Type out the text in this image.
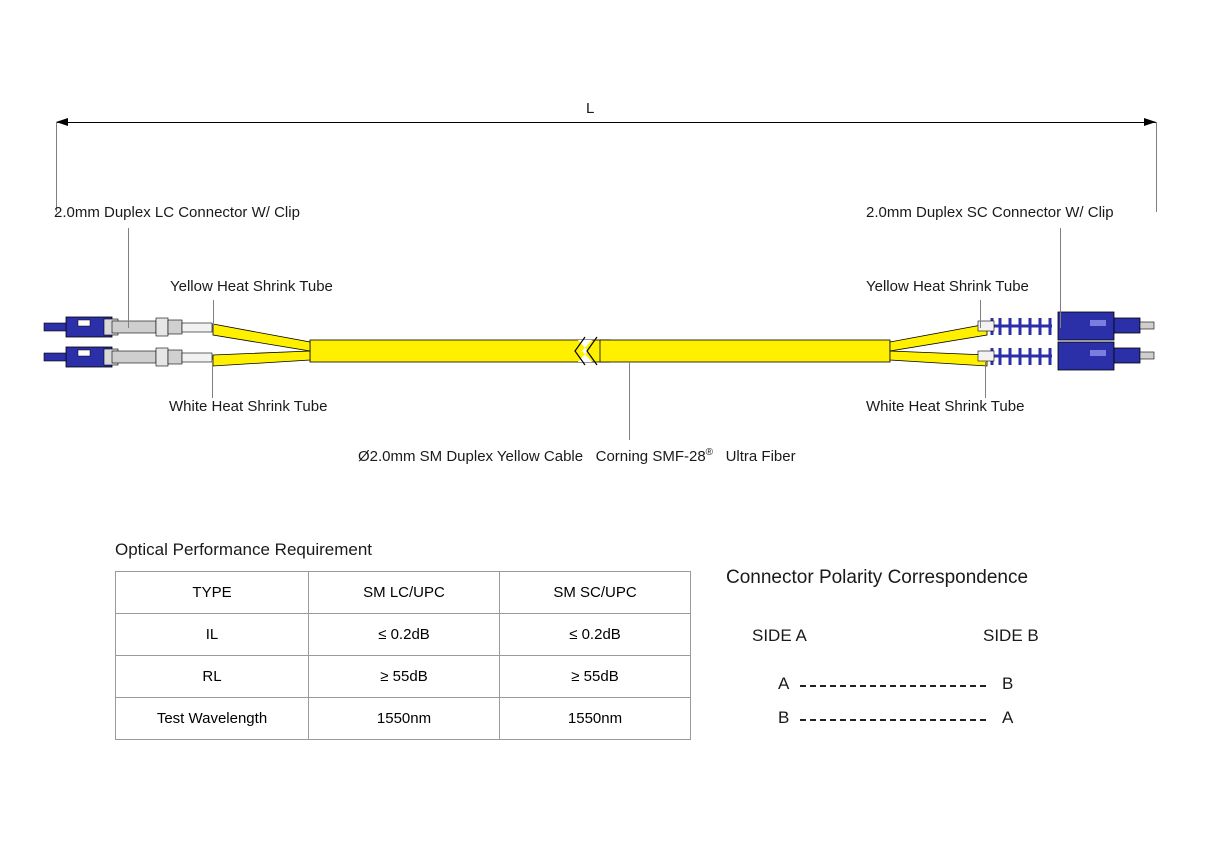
L
2.0mm Duplex LC Connector W/ Clip	2.0mm Duplex SC Connector W/ Clip
Yellow Heat Shrink Tube	Yellow Heat Shrink Tube
White Heat Shrink Tube	White Heat Shrink Tube
Ø2.0mm SM Duplex Yellow Cable Corning SMF-28® Ultra Fiber
Optical Performance Requirement
TYPE	SM LC/UPC	SM SC/UPC
IL	≤ 0.2dB	≤ 0.2dB
RL	≥ 55dB	≥ 55dB
Test Wavelength	1550nm	1550nm
Connector Polarity Correspondence
SIDE A	SIDE B
A	B
B	A
